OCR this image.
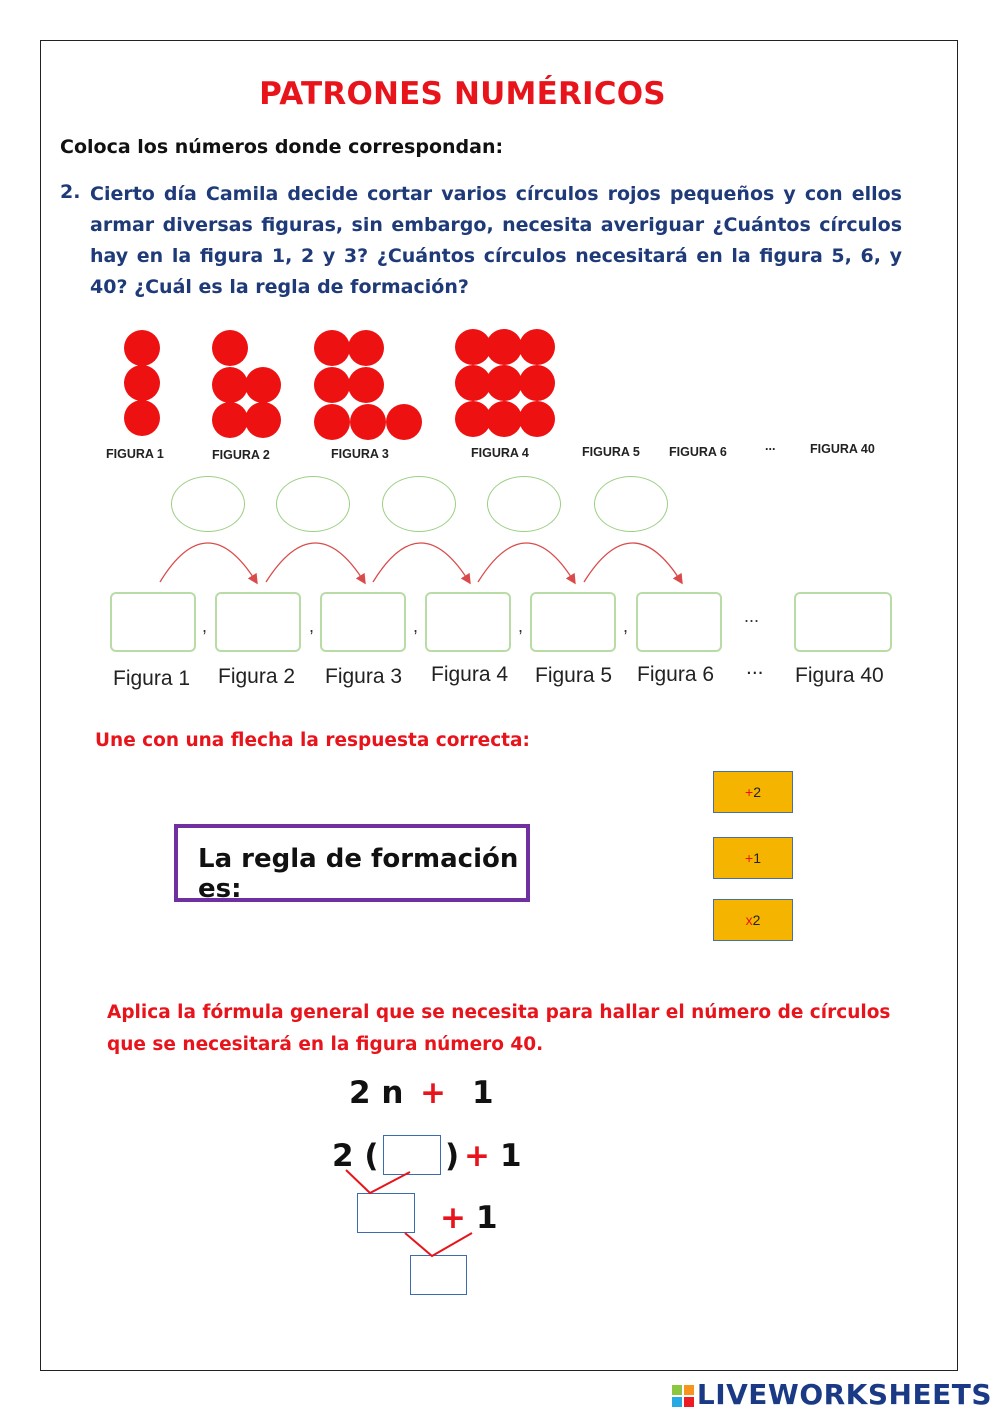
PATRONES NUMÉRICOS
Coloca los números donde correspondan:
2. Cierto día Camila decide cortar varios círculos rojos pequeños y con ellos armar diversas figuras, sin embargo, necesita averiguar ¿Cuántos círculos hay en la figura 1, 2 y 3? ¿Cuántos círculos necesitará en la figura 5, 6, y 40? ¿Cuál es la regla de formación?
FIGURA 1	FIGURA 2	FIGURA 3	FIGURA 4	FIGURA 5 FIGURA 6	...	FIGURA 40
,	,	,	,	,	...
Figura 1 Figura 2 Figura 3 Figura 4 Figura 5 Figura 6 ... Figura 40
Une con una flecha la respuesta correcta:
La regla de formación es:
+2
+1
x2
Aplica la fórmula general que se necesita para hallar el número de círculos que se necesitará en la figura número 40.
2 n + 1
2 ( ) + 1
+ 1
LIVEWORKSHEETS
